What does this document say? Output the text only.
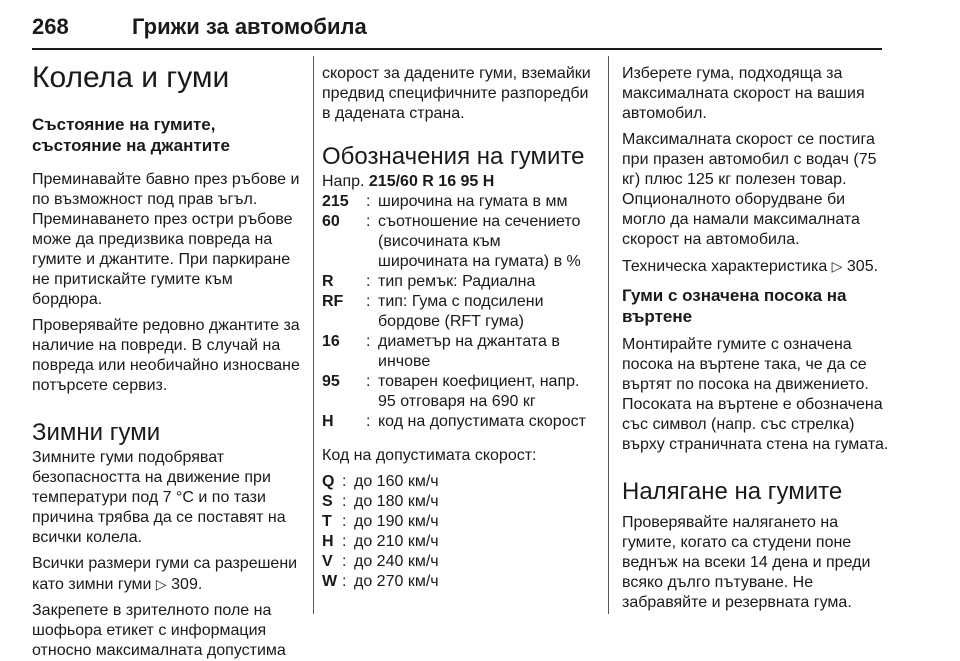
268	Грижи за автомобила
Колела и гуми
Състояние на гумите, състояние на джантите

Преминавайте бавно през ръбове и по възможност под прав ъгъл. Преминаването през остри ръбове може да предизвика повреда на гумите и джантите. При паркиране не притискайте гумите към бордюра.

Проверявайте редовно джантите за наличие на повреди. В случай на повреда или необичайно износване потърсете сервиз.

Зимни гуми

Зимните гуми подобряват безопасността на движение при температури под 7 °C и по тази причина трябва да се поставят на всички колела.

Всички размери гуми са разрешени като зимни гуми ▷ 309.

Закрепете в зрителното поле на шофьора етикет с информация относно максималната допустима

скорост за дадените гуми, вземайки предвид специфичните разпоредби в дадената страна.

Обозначения на гумите

Напр. 215/60 R 16 95 H

215	: широчина на гумата в мм
60	: съотношение на сечението (височината към широчината на гумата) в %
R	: тип ремък: Радиална
RF	: тип: Гума с подсилени бордове (RFT гума)
16	: диаметър на джантата в инчове
95	: товарен коефициент, напр. 95 отговаря на 690 кг
H	: код на допустимата скорост

Код на допустимата скорост:

Q : до 160 км/ч
S : до 180 км/ч
T : до 190 км/ч
H : до 210 км/ч
V : до 240 км/ч
W : до 270 км/ч

Изберете гума, подходяща за максималната скорост на вашия автомобил.

Максималната скорост се постига при празен автомобил с водач (75 кг) плюс 125 кг полезен товар. Опционалното оборудване би могло да намали максималната скорост на автомобила.

Техническа характеристика ▷ 305.

Гуми с означена посока на въртене

Монтирайте гумите с означена посока на въртене така, че да се въртят по посока на движението. Посоката на въртене е обозначена със символ (напр. със стрелка) върху страничната стена на гумата.

Налягане на гумите

Проверявайте налягането на гумите, когато са студени поне веднъж на всеки 14 дена и преди всяко дълго пътуване. Не забравяйте и резервната гума.
